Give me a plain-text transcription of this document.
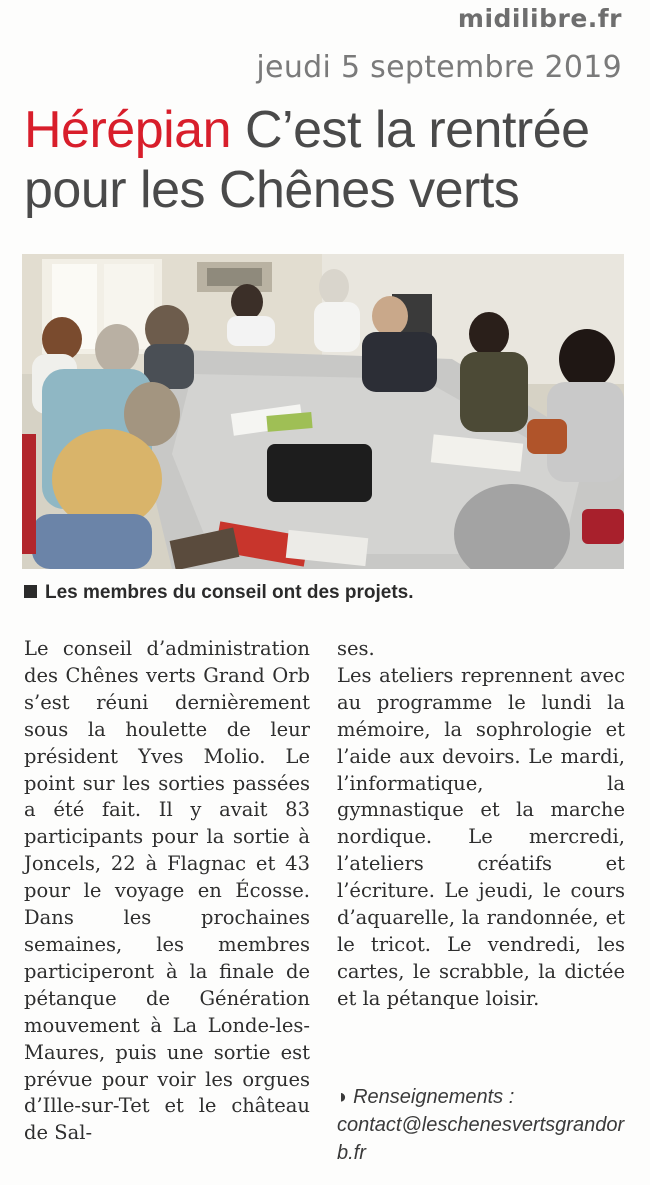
midilibre.fr
jeudi 5 septembre 2019
Hérépian C’est la rentrée pour les Chênes verts
Les membres du conseil ont des projets.

Le conseil d’administration des Chênes verts Grand Orb s’est réuni dernièrement sous la houlette de leur président Yves Molio. Le point sur les sorties passées a été fait. Il y avait 83 participants pour la sortie à Joncels, 22 à Flagnac et 43 pour le voyage en Écosse. Dans les prochaines semaines, les membres participeront à la finale de pétanque de Génération mouvement à La Londe-les-Maures, puis une sortie est prévue pour voir les orgues d’Ille-sur-Tet et le château de Sal-

ses.

Les ateliers reprennent avec au programme le lundi la mémoire, la sophrologie et l’aide aux devoirs. Le mardi, l’informatique, la gymnastique et la marche nordique. Le mercredi, l’ateliers créatifs et l’écriture. Le jeudi, le cours d’aquarelle, la randonnée, et le tricot. Le vendredi, les cartes, le scrabble, la dictée et la pétanque loisir.

◗ Renseignements :
contact@leschenesvertsgrandorb.fr
